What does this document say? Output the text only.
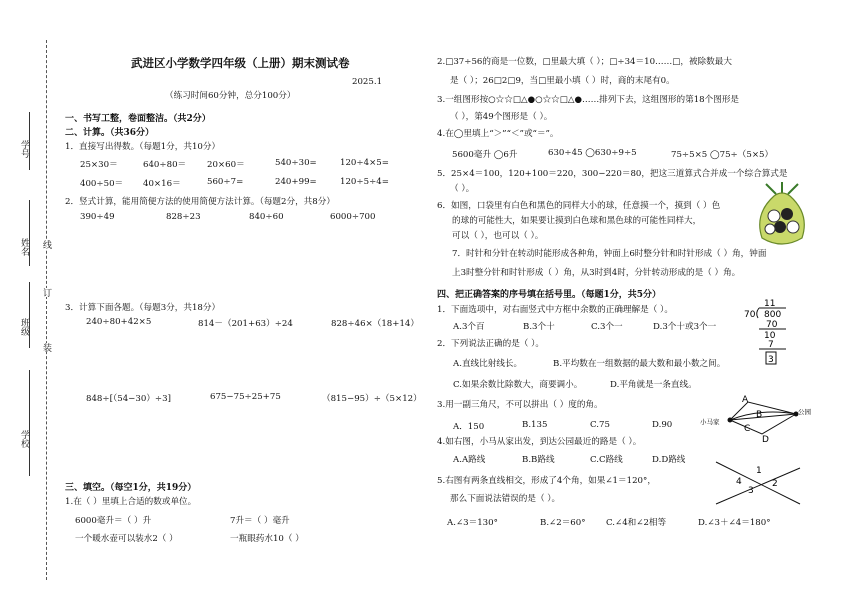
学号
姓名
班级
学校
线
订
装
武进区小学数学四年级（上册）期末测试卷
2025.1
（练习时间60分钟，总分100分）
一、书写工整，卷面整洁。（共2分）
二、计算。（共36分）
1．直接写出得数。（每题1分，共10分）
25×30＝	640÷80＝ 20×60＝	540÷30=	120÷4×5=
400÷50＝ 40×16＝	560÷7=	240+99=	120÷5÷4=
2．竖式计算，能用简便方法的使用简便方法计算。（每题2分，共8分）
390÷49	828÷23	840÷60	6000÷700
3．计算下面各题。（每题3分，共18分）
240÷80+42×5	814－（201+63）÷24	828÷46×（18+14）
848÷[（54−30）÷3]	675−75÷25+75	（815−95）÷（5×12）
三、填空。（每空1分，共19分）
1.在（ ）里填上合适的数或单位。
6000毫升＝（ ）升	7升＝（ ）毫升
一个暖水壶可以装水2（ ）	一瓶眼药水10（ ）
2.□37÷56的商是一位数，□里最大填（ ）；□÷34＝10……□，被除数最大
是（ ）；26□2□9，当□里最小填（ ）时，商的末尾有0。
3.一组图形按○☆☆□△●○☆☆□△●……排列下去，这组图形的第18个图形是
（ ），第49个图形是（ ）。
4.在◯里填上“＞”“＜”或“＝”。
5600毫升 ◯6升	630÷45 ◯630÷9÷5	75÷5×5 ◯75÷（5×5）
5．25×4＝100，120+100＝220，300−220＝80，把这三道算式合并成一个综合算式是
（ ）。
6．如图，口袋里有白色和黑色的同样大小的球，任意摸一个，摸到（ ）色
的球的可能性大，如果要让摸到白色球和黑色球的可能性同样大，
可以（ ），也可以（ ）。
7．时针和分针在转动时能形成各种角，钟面上6时整分针和时针形成（ ）角，钟面
上3时整分针和时针形成（ ）角，从3时到4时，分针转动形成的是（ ）角。
四、把正确答案的序号填在括号里。（每题1分，共5分）
1．下面选项中，对右面竖式中方框中余数的正确理解是（ ）。
A.3个百	B.3个十	C.3个一	D.3个十或3个一
11
70 800
70
10
7
3
2．下列说法正确的是（ ）。
A.直线比射线长。	B.平均数在一组数据的最大数和最小数之间。
C.如果余数比除数大，商要调小。	D.平角就是一条直线。
3.用一副三角尺，不可以拼出（ ）度的角。
A．150	B.135	C.75	D.90	小马家
公园
A
B
C
D
4.如右图，小马从家出发，到达公园最近的路是（ ）。
A.A路线	B.B路线	C.C路线	D.D路线
5.右图有两条直线相交，形成了4个角，如果∠1＝120°，
那么下面说法错误的是（ ）。
1
2
3
4
A.∠3＝130°	B.∠2＝60° C.∠4和∠2相等	D.∠3＋∠4＝180°
